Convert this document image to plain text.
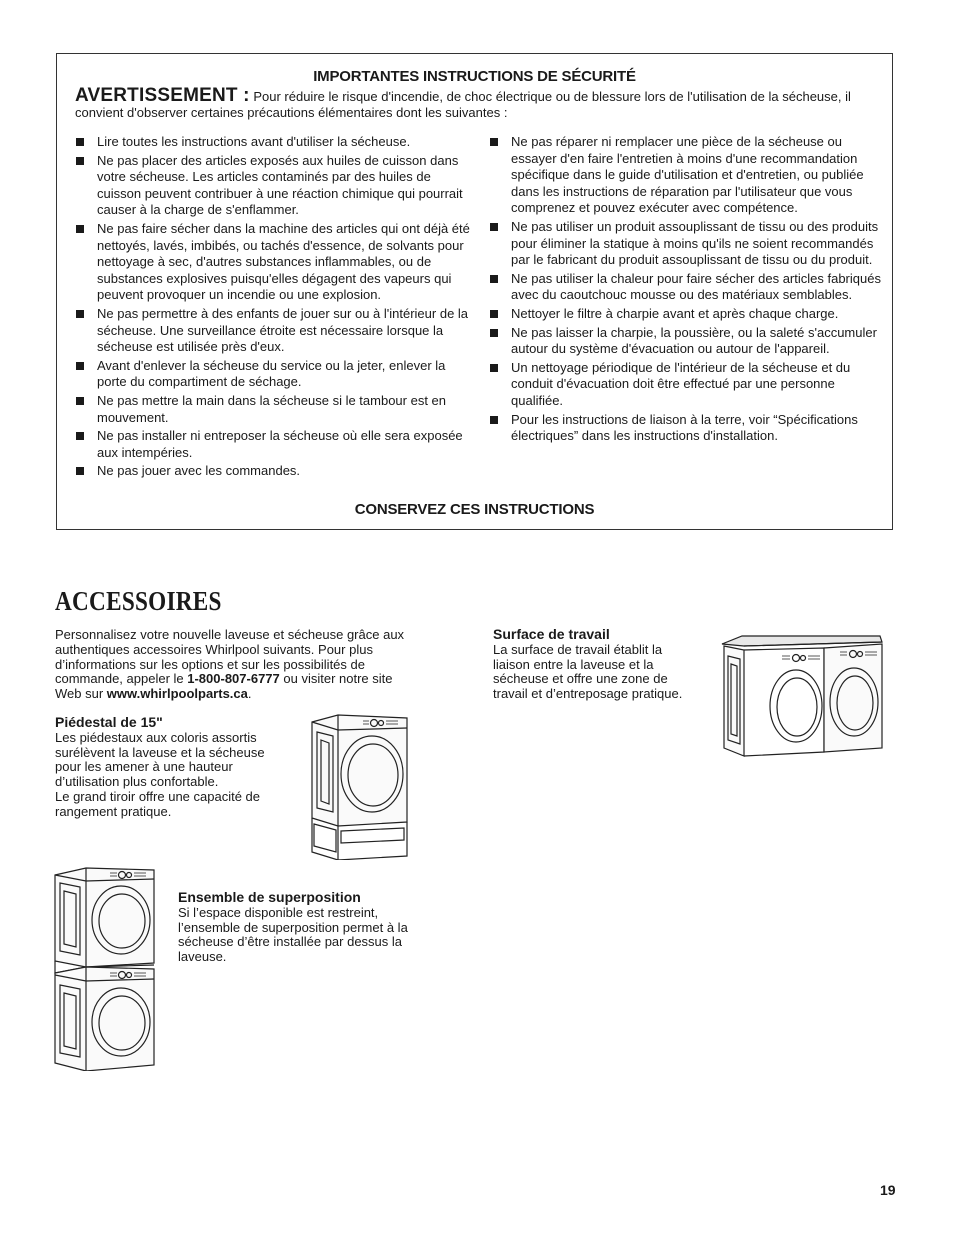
IMPORTANTES INSTRUCTIONS DE SÉCURITÉ
AVERTISSEMENT : Pour réduire le risque d'incendie, de choc électrique ou de blessure lors de l'utilisation de la sécheuse, il convient d'observer certaines précautions élémentaires dont les suivantes :
Lire toutes les instructions avant d'utiliser la sécheuse.
Ne pas placer des articles exposés aux huiles de cuisson dans votre sécheuse. Les articles contaminés par des huiles de cuisson peuvent contribuer à une réaction chimique qui pourrait causer à la charge de s'enflammer.
Ne pas faire sécher dans la machine des articles qui ont déjà été nettoyés, lavés, imbibés, ou tachés d'essence, de solvants pour nettoyage à sec, d'autres substances inflammables, ou de substances explosives puisqu'elles dégagent des vapeurs qui peuvent provoquer un incendie ou une explosion.
Ne pas permettre à des enfants de jouer sur ou à l'intérieur de la sécheuse. Une surveillance étroite est nécessaire lorsque la sécheuse est utilisée près d'eux.
Avant d'enlever la sécheuse du service ou la jeter, enlever la porte du compartiment de séchage.
Ne pas mettre la main dans la sécheuse si le tambour est en mouvement.
Ne pas installer ni entreposer la sécheuse où elle sera exposée aux intempéries.
Ne pas jouer avec les commandes.
Ne pas réparer ni remplacer une pièce de la sécheuse ou essayer d'en faire l'entretien à moins d'une recommandation spécifique dans le guide d'utilisation et d'entretien, ou publiée dans les instructions de réparation par l'utilisateur que vous comprenez et pouvez exécuter avec compétence.
Ne pas utiliser un produit assouplissant de tissu ou des produits pour éliminer la statique à moins qu'ils ne soient recommandés par le fabricant du produit assouplissant de tissu ou du produit.
Ne pas utiliser la chaleur pour faire sécher des articles fabriqués avec du caoutchouc mousse ou des matériaux semblables.
Nettoyer le filtre à charpie avant et après chaque charge.
Ne pas laisser la charpie, la poussière, ou la saleté s'accumuler autour du système d'évacuation ou autour de l'appareil.
Un nettoyage périodique de l'intérieur de la sécheuse et du conduit d'évacuation doit être effectué par une personne qualifiée.
Pour les instructions de liaison à la terre, voir “Spécifications électriques” dans les instructions d'installation.
CONSERVEZ CES INSTRUCTIONS
ACCESSOIRES
Personnalisez votre nouvelle laveuse et sécheuse grâce aux authentiques accessoires Whirlpool suivants. Pour plus d’informations sur les options et sur les possibilités de commande, appeler le 1-800-807-6777 ou visiter notre site Web sur www.whirlpoolparts.ca.
Piédestal de 15"

Les piédestaux aux coloris assortis surélèvent la laveuse et la sécheuse pour les amener à une hauteur d’utilisation plus confortable.

Le grand tiroir offre une capacité de rangement pratique.

Surface de travail

La surface de travail établit la liaison entre la laveuse et la sécheuse et offre une zone de travail et d’entreposage pratique.

Ensemble de superposition

Si l’espace disponible est restreint, l’ensemble de superposition permet à la sécheuse d’être installée par dessus la laveuse.

19
